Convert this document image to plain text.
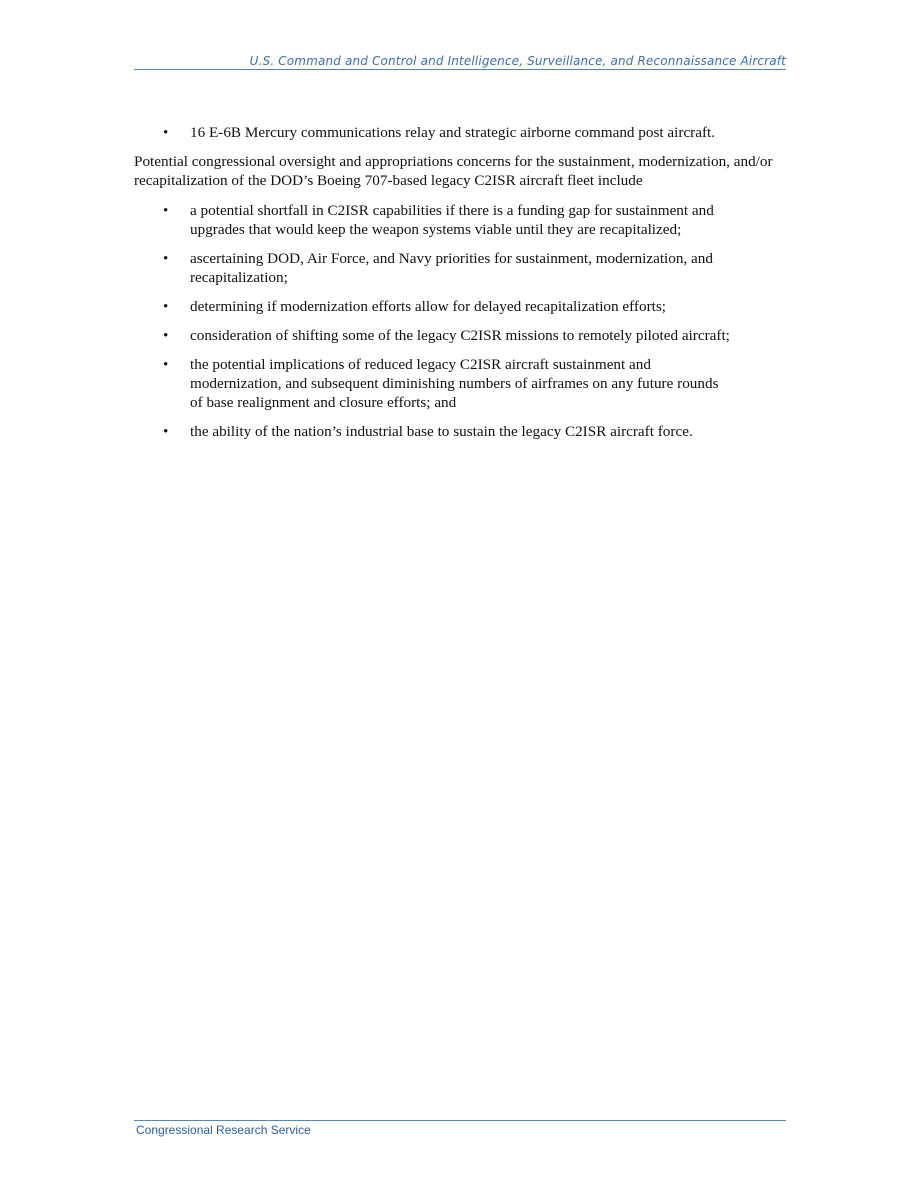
U.S. Command and Control and Intelligence, Surveillance, and Reconnaissance Aircraft
• 16 E-6B Mercury communications relay and strategic airborne command post aircraft.

Potential congressional oversight and appropriations concerns for the sustainment, modernization, and/or recapitalization of the DOD’s Boeing 707-based legacy C2ISR aircraft fleet include

• a potential shortfall in C2ISR capabilities if there is a funding gap for sustainment and upgrades that would keep the weapon systems viable until they are recapitalized;
• ascertaining DOD, Air Force, and Navy priorities for sustainment, modernization, and recapitalization;
• determining if modernization efforts allow for delayed recapitalization efforts;
• consideration of shifting some of the legacy C2ISR missions to remotely piloted aircraft;
• the potential implications of reduced legacy C2ISR aircraft sustainment and modernization, and subsequent diminishing numbers of airframes on any future rounds of base realignment and closure efforts; and
• the ability of the nation’s industrial base to sustain the legacy C2ISR aircraft force.
Congressional Research Service
